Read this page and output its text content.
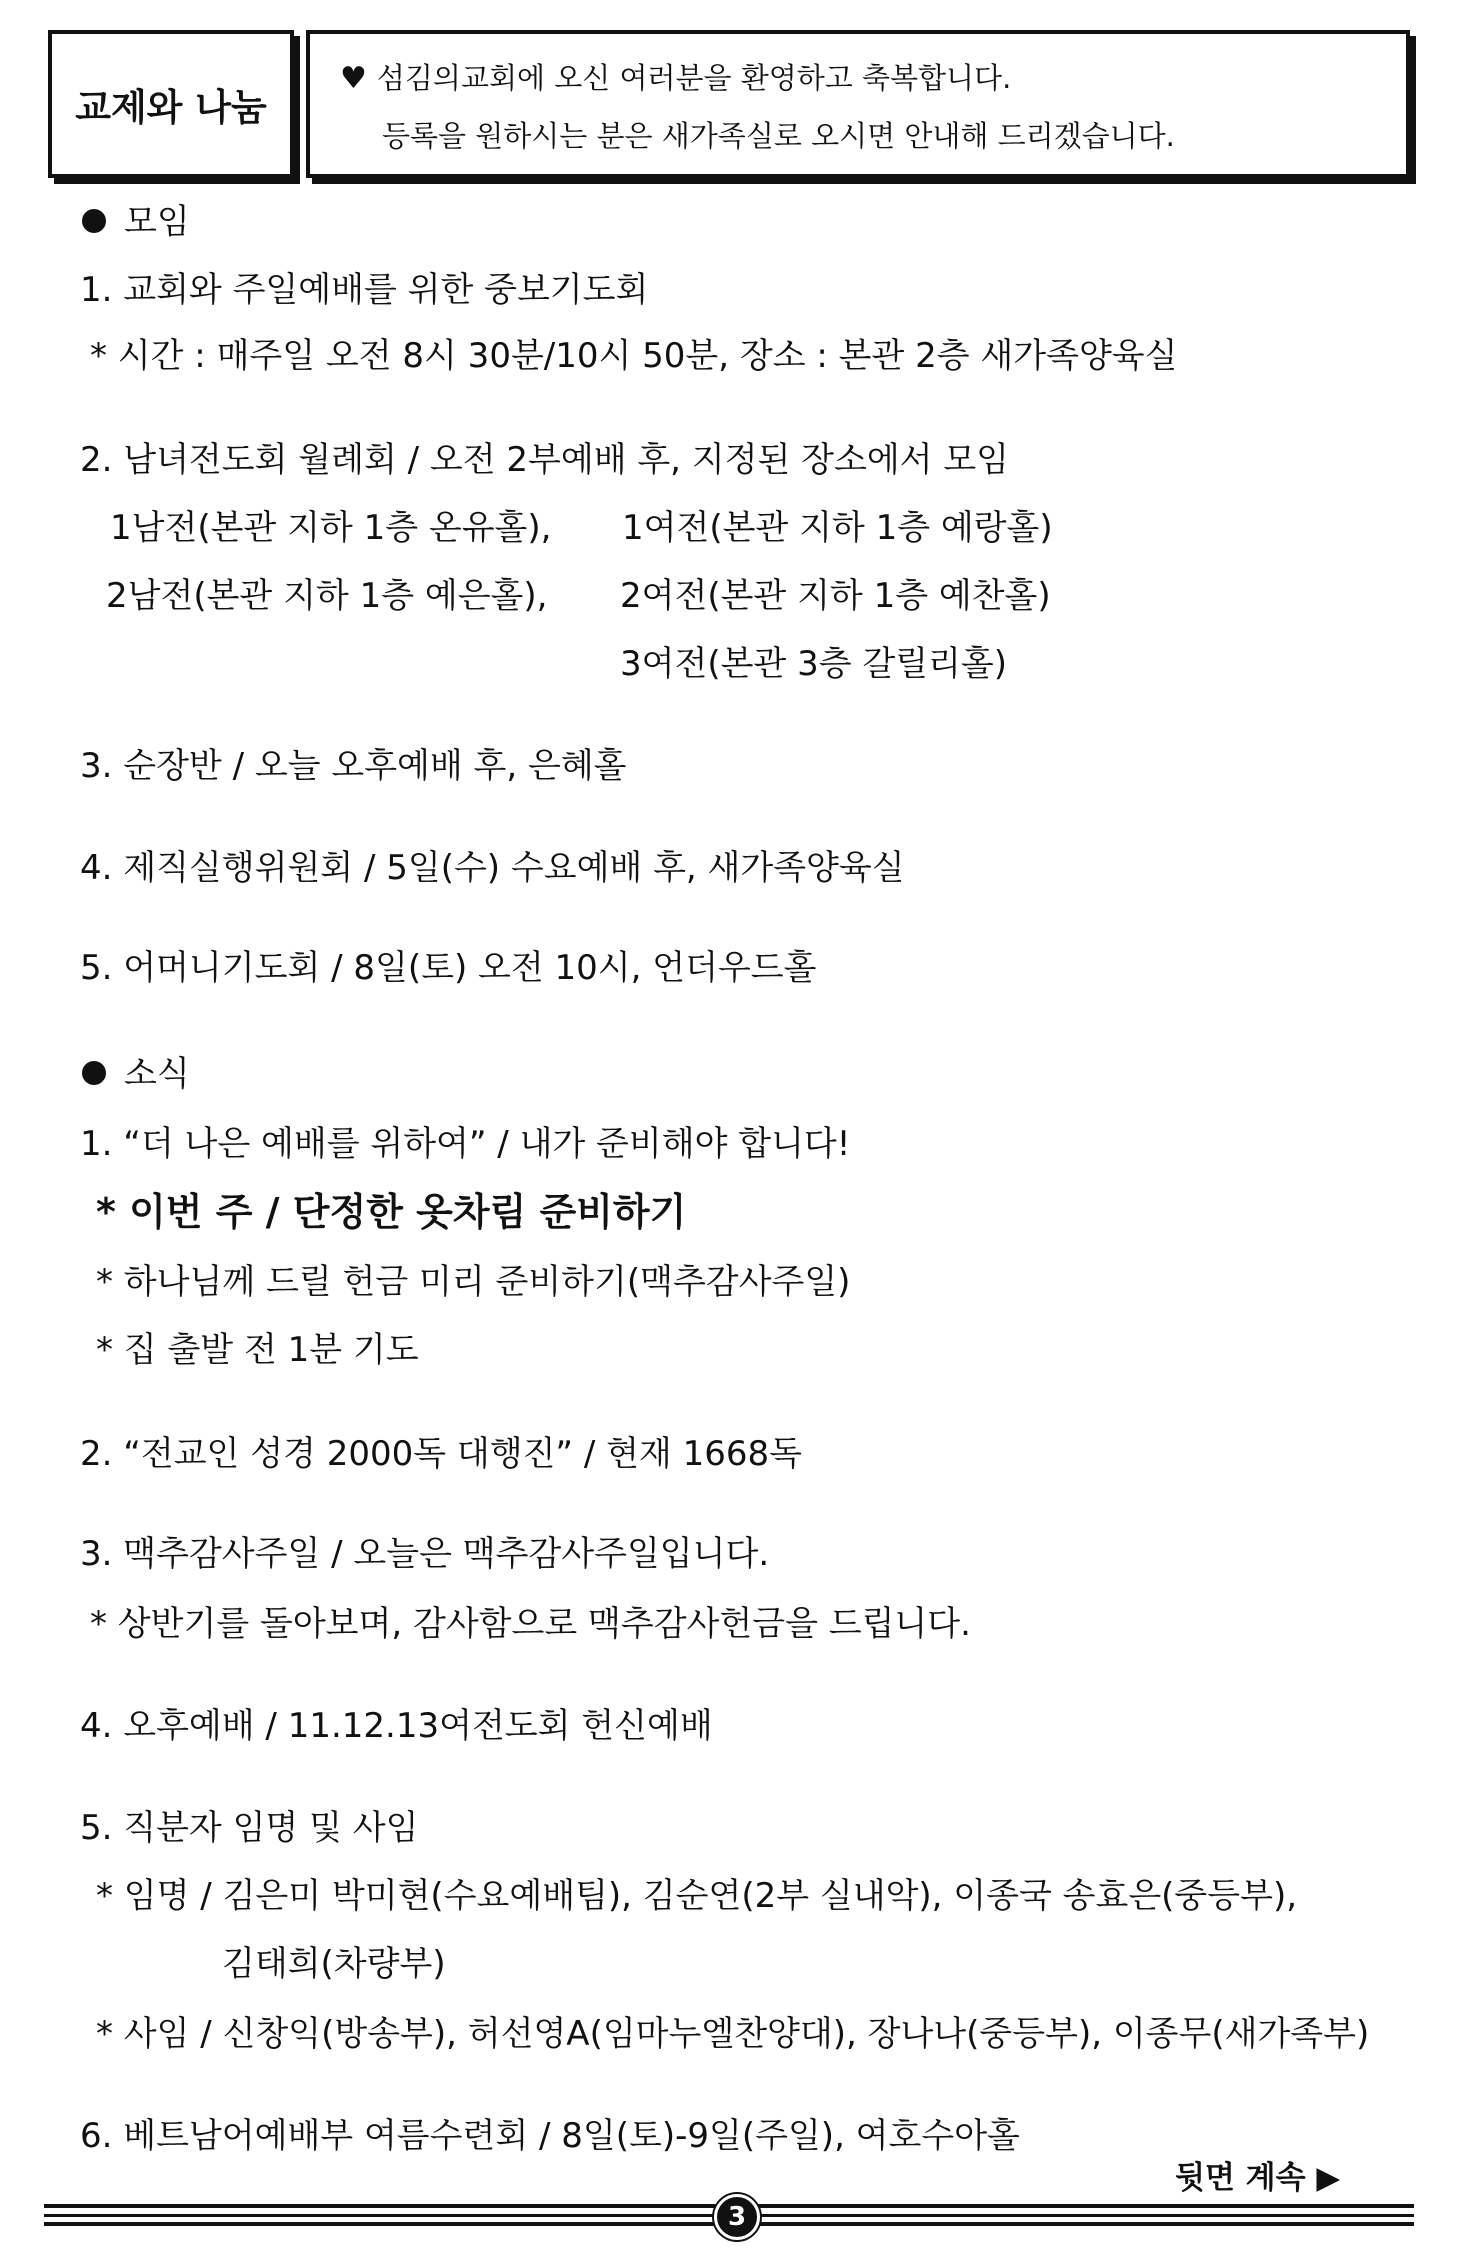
교제와 나눔
♥ 섬김의교회에 오신 여러분을 환영하고 축복합니다.
등록을 원하시는 분은 새가족실로 오시면 안내해 드리겠습니다.
모임
1. 교회와 주일예배를 위한 중보기도회
* 시간 : 매주일 오전 8시 30분/10시 50분, 장소 : 본관 2층 새가족양육실
2. 남녀전도회 월례회 / 오전 2부예배 후, 지정된 장소에서 모임
1남전(본관 지하 1층 온유홀), 1여전(본관 지하 1층 예랑홀)
2남전(본관 지하 1층 예은홀), 2여전(본관 지하 1층 예찬홀)
3여전(본관 3층 갈릴리홀)
3. 순장반 / 오늘 오후예배 후, 은혜홀
4. 제직실행위원회 / 5일(수) 수요예배 후, 새가족양육실
5. 어머니기도회 / 8일(토) 오전 10시, 언더우드홀
소식
1. “더 나은 예배를 위하여” / 내가 준비해야 합니다!
* 이번 주 / 단정한 옷차림 준비하기
* 하나님께 드릴 헌금 미리 준비하기(맥추감사주일)
* 집 출발 전 1분 기도
2. “전교인 성경 2000독 대행진” / 현재 1668독
3. 맥추감사주일 / 오늘은 맥추감사주일입니다.
* 상반기를 돌아보며, 감사함으로 맥추감사헌금을 드립니다.
4. 오후예배 / 11.12.13여전도회 헌신예배
5. 직분자 임명 및 사임
* 임명 / 김은미 박미현(수요예배팀), 김순연(2부 실내악), 이종국 송효은(중등부),
김태희(차량부)
* 사임 / 신창익(방송부), 허선영A(임마누엘찬양대), 장나나(중등부), 이종무(새가족부)
6. 베트남어예배부 여름수련회 / 8일(토)-9일(주일), 여호수아홀
뒷면 계속 ▶
3
